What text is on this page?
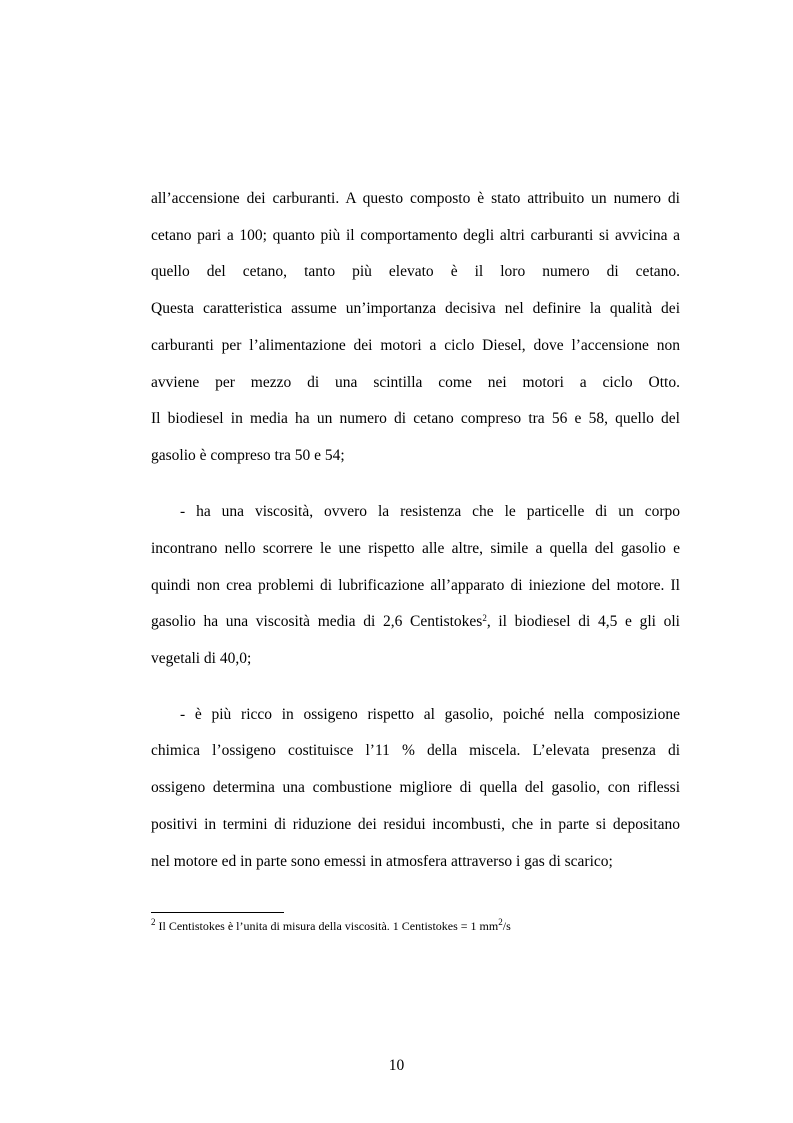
all’accensione dei carburanti. A questo composto è stato attribuito un numero di
cetano pari a 100; quanto più il comportamento degli altri carburanti si avvicina a
quello del cetano, tanto più elevato è il loro numero di cetano.
Questa caratteristica assume un’importanza decisiva nel definire la qualità dei
carburanti per l’alimentazione dei motori a ciclo Diesel, dove l’accensione non
avviene per mezzo di una scintilla come nei motori a ciclo Otto.
Il biodiesel in media ha un numero di cetano compreso tra 56 e 58, quello del
gasolio è compreso tra 50 e 54;
- ha una viscosità, ovvero la resistenza che le particelle di un corpo
incontrano nello scorrere le une rispetto alle altre, simile a quella del gasolio e
quindi non crea problemi di lubrificazione all’apparato di iniezione del motore. Il
gasolio ha una viscosità media di 2,6 Centistokes$^2$, il biodiesel di 4,5 e gli oli
vegetali di 40,0;
- è più ricco in ossigeno rispetto al gasolio, poiché nella composizione
chimica l’ossigeno costituisce l’11 % della miscela. L’elevata presenza di
ossigeno determina una combustione migliore di quella del gasolio, con riflessi
positivi in termini di riduzione dei residui incombusti, che in parte si depositano
nel motore ed in parte sono emessi in atmosfera attraverso i gas di scarico;
$^2$ Il Centistokes è l’unita di misura della viscosità. 1 Centistokes = 1 $mm^2/s$
10
